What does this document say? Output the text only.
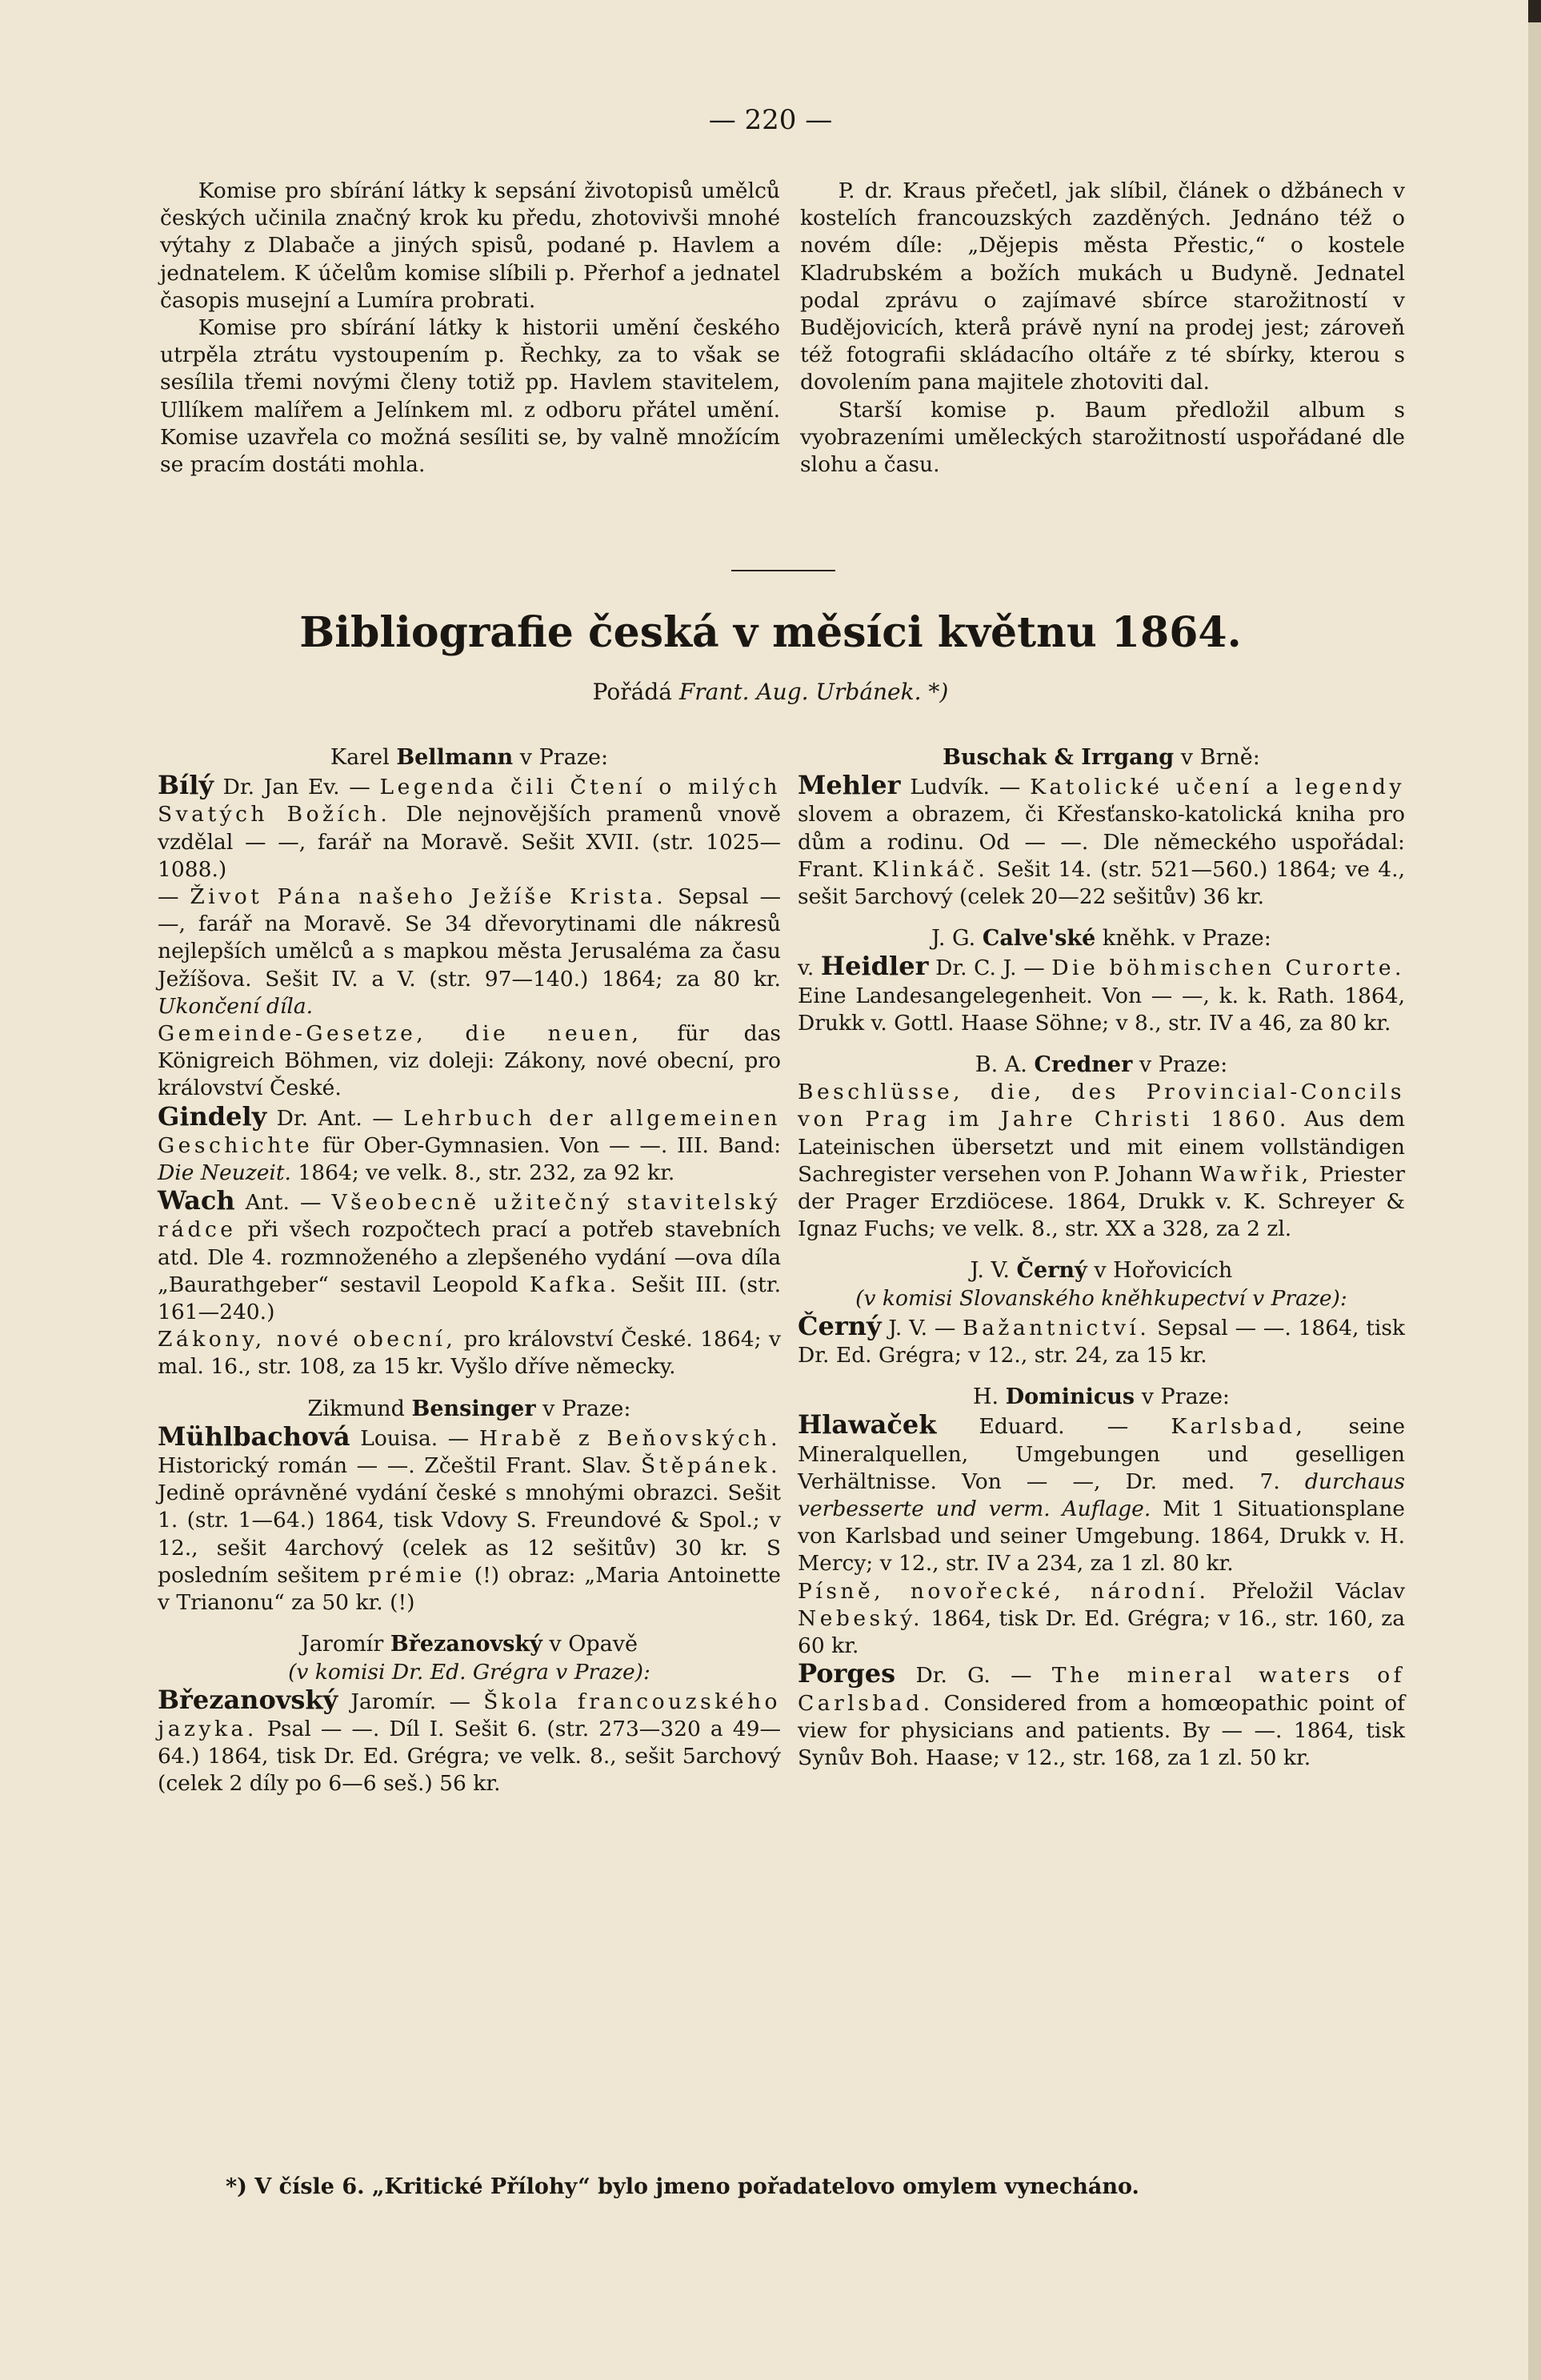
— 220 —

Komise pro sbírání látky k sepsání životopisů umělců českých učinila značný krok ku předu, zhotovivši mnohé výtahy z Dlabače a jiných spisů, podané p. Havlem a jednatelem. K účelům komise slíbili p. Přerhof a jednatel časopis musejní a Lumíra probrati.

Komise pro sbírání látky k historii umění českého utrpěla ztrátu vystoupením p. Řechky, za to však se sesílila třemi novými členy totiž pp. Havlem stavitelem, Ullíkem malířem a Jelínkem ml. z odboru přátel umění. Komise uzavřela co možná sesíliti se, by valně množícím se pracím dostáti mohla.

P. dr. Kraus přečetl, jak slíbil, článek o džbánech v kostelích francouzských zazděných. Jednáno též o novém díle: „Dějepis města Přestic,“ o kostele Kladrubském a božích mukách u Budyně. Jednatel podal zprávu o zajímavé sbírce starožitností v Budějovicích, kterå právě nyní na prodej jest; zároveň též fotografii skládacího oltáře z té sbírky, kterou s dovolením pana majitele zhotoviti dal.

Starší komise p. Baum předložil album s vyobrazeními uměleckých starožitností uspořádané dle slohu a času.

Bibliografie česká v měsíci květnu 1864.
Pořádá Frant. Aug. Urbánek. *)

Karel Bellmann v Praze:

Bílý Dr. Jan Ev. — Legenda čili Čtení o milých Svatých Božích. Dle nejnovějších pramenů vnově vzdělal — —, farář na Moravě. Sešit XVII. (str. 1025—1088.)

— Život Pána našeho Ježíše Krista. Sepsal — —, farář na Moravě. Se 34 dřevorytinami dle nákresů nejlepších umělců a s mapkou města Jerusaléma za času Ježíšova. Sešit IV. a V. (str. 97—140.) 1864; za 80 kr. Ukončení díla.

Gemeinde-Gesetze, die neuen, für das Königreich Böhmen, viz doleji: Zákony, nové obecní, pro království České.

Gindely Dr. Ant. — Lehrbuch der allgemeinen Geschichte für Ober-Gymnasien. Von — —. III. Band: Die Neuzeit. 1864; ve velk. 8., str. 232, za 92 kr.

Wach Ant. — Všeobecně užitečný stavitelský rádce při všech rozpočtech prací a potřeb stavebních atd. Dle 4. rozmnoženého a zlepšeného vydání —ova díla „Baurathgeber“ sestavil Leopold Kafka. Sešit III. (str. 161—240.)

Zákony, nové obecní, pro království České. 1864; v mal. 16., str. 108, za 15 kr. Vyšlo dříve německy.

Zikmund Bensinger v Praze:

Mühlbachová Louisa. — Hrabě z Beňovských. Historický román — —. Zčeštil Frant. Slav. Štěpánek. Jedině oprávněné vydání české s mnohými obrazci. Sešit 1. (str. 1—64.) 1864, tisk Vdovy S. Freundové & Spol.; v 12., sešit 4archový (celek as 12 sešitův) 30 kr. S posledním sešitem prémie (!) obraz: „Maria Antoinette v Trianonu“ za 50 kr. (!)

Jaromír Březanovský v Opavě

(v komisi Dr. Ed. Grégra v Praze):

Březanovský Jaromír. — Škola francouzského jazyka. Psal — —. Díl I. Sešit 6. (str. 273—320 a 49—64.) 1864, tisk Dr. Ed. Grégra; ve velk. 8., sešit 5archový (celek 2 díly po 6—6 seš.) 56 kr.

Buschak & Irrgang v Brně:

Mehler Ludvík. — Katolické učení a legendy slovem a obrazem, či Křesťansko-katolická kniha pro dům a rodinu. Od — —. Dle německého uspořádal: Frant. Klinkáč. Sešit 14. (str. 521—560.) 1864; ve 4., sešit 5archový (celek 20—22 sešitův) 36 kr.

J. G. Calve'ské kněhk. v Praze:

v. Heidler Dr. C. J. — Die böhmischen Curorte. Eine Landesangelegenheit. Von — —, k. k. Rath. 1864, Drukk v. Gottl. Haase Söhne; v 8., str. IV a 46, za 80 kr.

B. A. Credner v Praze:

Beschlüsse, die, des Provincial-Concils von Prag im Jahre Christi 1860. Aus dem Lateinischen übersetzt und mit einem vollständigen Sachregister versehen von P. Johann Wawřik, Priester der Prager Erzdiöcese. 1864, Drukk v. K. Schreyer & Ignaz Fuchs; ve velk. 8., str. XX a 328, za 2 zl.

J. V. Černý v Hořovicích

(v komisi Slovanského kněhkupectví v Praze):

Černý J. V. — Bažantnictví. Sepsal — —. 1864, tisk Dr. Ed. Grégra; v 12., str. 24, za 15 kr.

H. Dominicus v Praze:

Hlawaček Eduard. — Karlsbad, seine Mineralquellen, Umgebungen und geselligen Verhältnisse. Von — —, Dr. med. 7. durchaus verbesserte und verm. Auflage. Mit 1 Situationsplane von Karlsbad und seiner Umgebung. 1864, Drukk v. H. Mercy; v 12., str. IV a 234, za 1 zl. 80 kr.

Písně, novořecké, národní. Přeložil Václav Nebeský. 1864, tisk Dr. Ed. Grégra; v 16., str. 160, za 60 kr.

Porges Dr. G. — The mineral waters of Carlsbad. Considered from a homœopathic point of view for physicians and patients. By — —. 1864, tisk Synův Boh. Haase; v 12., str. 168, za 1 zl. 50 kr.

*) V čísle 6. „Kritické Přílohy“ bylo jmeno pořadatelovo omylem vynecháno.
